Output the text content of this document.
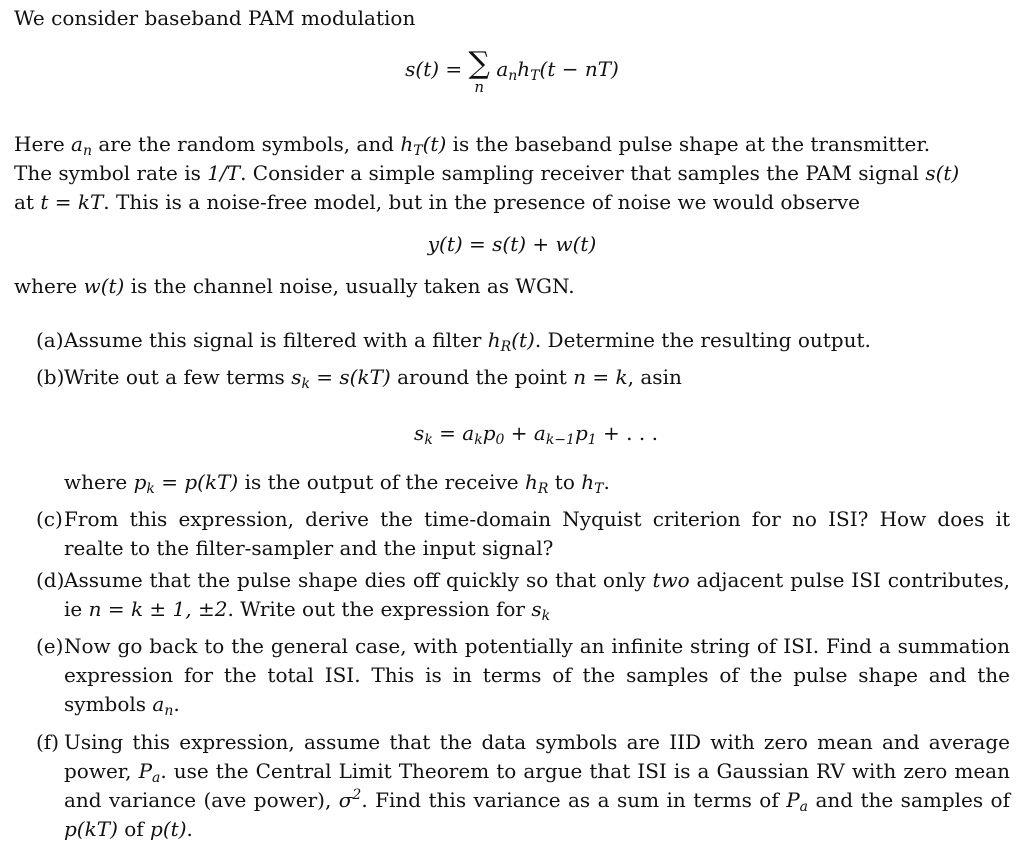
We consider baseband PAM modulation

s(t) = ∑
n
$a_nh_T(t - nT)$

Here $a_n$ are the random symbols, and $h_T(t)$ is the baseband pulse shape at the transmitter.
The symbol rate is 1/T. Consider a simple sampling receiver that samples the PAM signal s(t)
at t = kT. This is a noise-free model, but in the presence of noise we would observe

y(t) = s(t) + w(t)

where w(t) is the channel noise, usually taken as WGN.

(a) Assume this signal is filtered with a filter $h_R(t)$. Determine the resulting output.
(b) Write out a few terms $s_k = s(kT)$ around the point n = k, asin
$s_k = a_kp_0 + a_{k-1}p_1$ + . . .

where $p_k = p(kT)$ is the output of the receive $h_R$ to $h_T$.

(c) From this expression, derive the time-domain Nyquist criterion for no ISI? How does it realte to the filter-sampler and the input signal?
(d) Assume that the pulse shape dies off quickly so that only two adjacent pulse ISI contributes, ie n = k ± 1, ±2. Write out the expression for $s_k$
(e) Now go back to the general case, with potentially an infinite string of ISI. Find a summation expression for the total ISI. This is in terms of the samples of the pulse shape and the symbols $a_n$.
(f) Using this expression, assume that the data symbols are IID with zero mean and average power, $P_a$. use the Central Limit Theorem to argue that ISI is a Gaussian RV with zero mean and variance (ave power), $\sigma^2$. Find this variance as a sum in terms of $P_a$ and the samples of p(kT) of p(t).
